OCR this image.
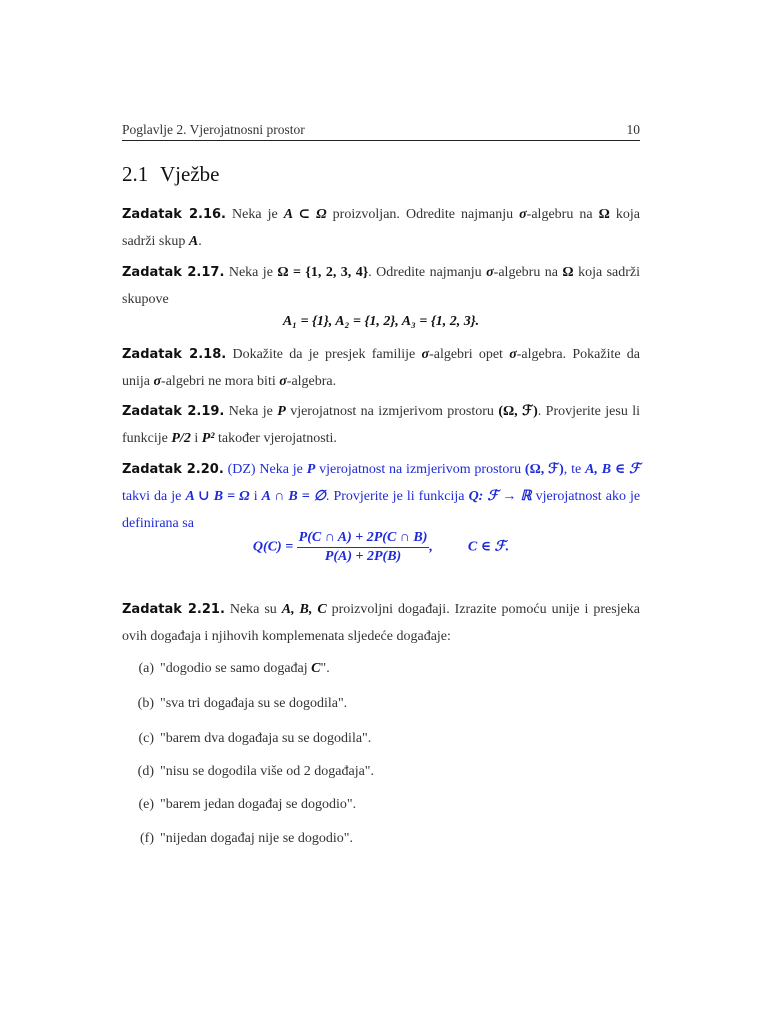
Poglavlje 2. Vjerojatnosni prostor	10
2.1 Vježbe
Zadatak 2.16. Neka je A ⊂ Ω proizvoljan. Odredite najmanju σ-algebru na Ω koja sadrži skup A.
Zadatak 2.17. Neka je Ω = {1, 2, 3, 4}. Odredite najmanju σ-algebru na Ω koja sadrži skupove
A₁ = {1}, A₂ = {1, 2}, A₃ = {1, 2, 3}.
Zadatak 2.18. Dokažite da je presjek familije σ-algebri opet σ-algebra. Pokažite da unija σ-algebri ne mora biti σ-algebra.
Zadatak 2.19. Neka je P vjerojatnost na izmjerivom prostoru (Ω, ℱ). Provjerite jesu li funkcije P/2 i P² također vjerojatnosti.
Zadatak 2.20. (DZ) Neka je P vjerojatnost na izmjerivom prostoru (Ω, ℱ), te A, B ∈ ℱ takvi da je A ∪ B = Ω i A ∩ B = ∅. Provjerite je li funkcija Q: ℱ → ℝ vjerojatnost ako je definirana sa
$Q(C) = \frac{P(C \cap A) + 2P(C \cap B)}{P(A) + 2P(B)}$ ,	C ∈ ℱ.
Zadatak 2.21. Neka su A, B, C proizvoljni događaji. Izrazite pomoću unije i presjeka ovih događaja i njihovih komplemenata sljedeće događaje:
(a) "dogodio se samo događaj C".
(b) "sva tri događaja su se dogodila".
(c) "barem dva događaja su se dogodila".
(d) "nisu se dogodila više od 2 događaja".
(e) "barem jedan događaj se dogodio".
(f) "nijedan događaj nije se dogodio".
